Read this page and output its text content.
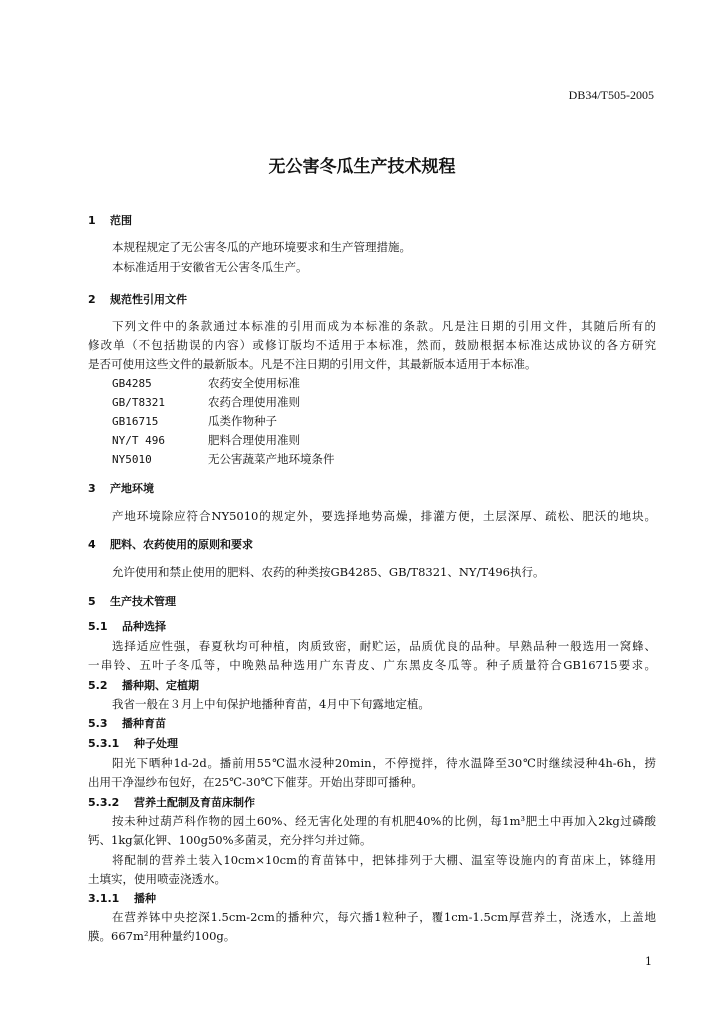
DB34/T505-2005
无公害冬瓜生产技术规程
1 范围
本规程规定了无公害冬瓜的产地环境要求和生产管理措施。
本标准适用于安徽省无公害冬瓜生产。
2 规范性引用文件
下列文件中的条款通过本标准的引用而成为本标准的条款。凡是注日期的引用文件，其随后所有的
修改单（不包括勘误的内容）或修订版均不适用于本标准，然而，鼓励根据本标准达成协议的各方研究
是否可使用这些文件的最新版本。凡是不注日期的引用文件，其最新版本适用于本标准。
GB4285	农药安全使用标准
GB/T8321	农药合理使用准则
GB16715	瓜类作物种子
NY/T 496	肥料合理使用准则
NY5010	无公害蔬菜产地环境条件
3 产地环境
产地环境除应符合NY5010的规定外，要选择地势高燥，排灌方便，土层深厚、疏松、肥沃的地块。
4 肥料、农药使用的原则和要求
允许使用和禁止使用的肥料、农药的种类按GB4285、GB/T8321、NY/T496执行。
5 生产技术管理
5.1 品种选择
选择适应性强，春夏秋均可种植，肉质致密，耐贮运，品质优良的品种。早熟品种一般选用一窝蜂、
一串铃、五叶子冬瓜等，中晚熟品种选用广东青皮、广东黑皮冬瓜等。种子质量符合GB16715要求。
5.2 播种期、定植期
我省一般在３月上中旬保护地播种育苗，4月中下旬露地定植。
5.3 播种育苗
5.3.1 种子处理
阳光下晒种1d-2d。播前用55℃温水浸种20min，不停搅拌，待水温降至30℃时继续浸种4h-6h，捞
出用干净湿纱布包好，在25℃-30℃下催芽。开始出芽即可播种。
5.3.2 营养土配制及育苗床制作
按未种过葫芦科作物的园土60%、经无害化处理的有机肥40%的比例，每1m³肥土中再加入2kg过磷酸
钙、1kg氯化钾、100g50%多菌灵，充分拌匀并过筛。
将配制的营养土装入10cm×10cm的育苗钵中，把钵排列于大棚、温室等设施内的育苗床上，钵缝用
土填实，使用喷壶浇透水。
3.1.1 播种
在营养钵中央挖深1.5cm-2cm的播种穴，每穴播1粒种子，覆1cm-1.5cm厚营养土，浇透水，上盖地
膜。667m²用种量约100g。
1
